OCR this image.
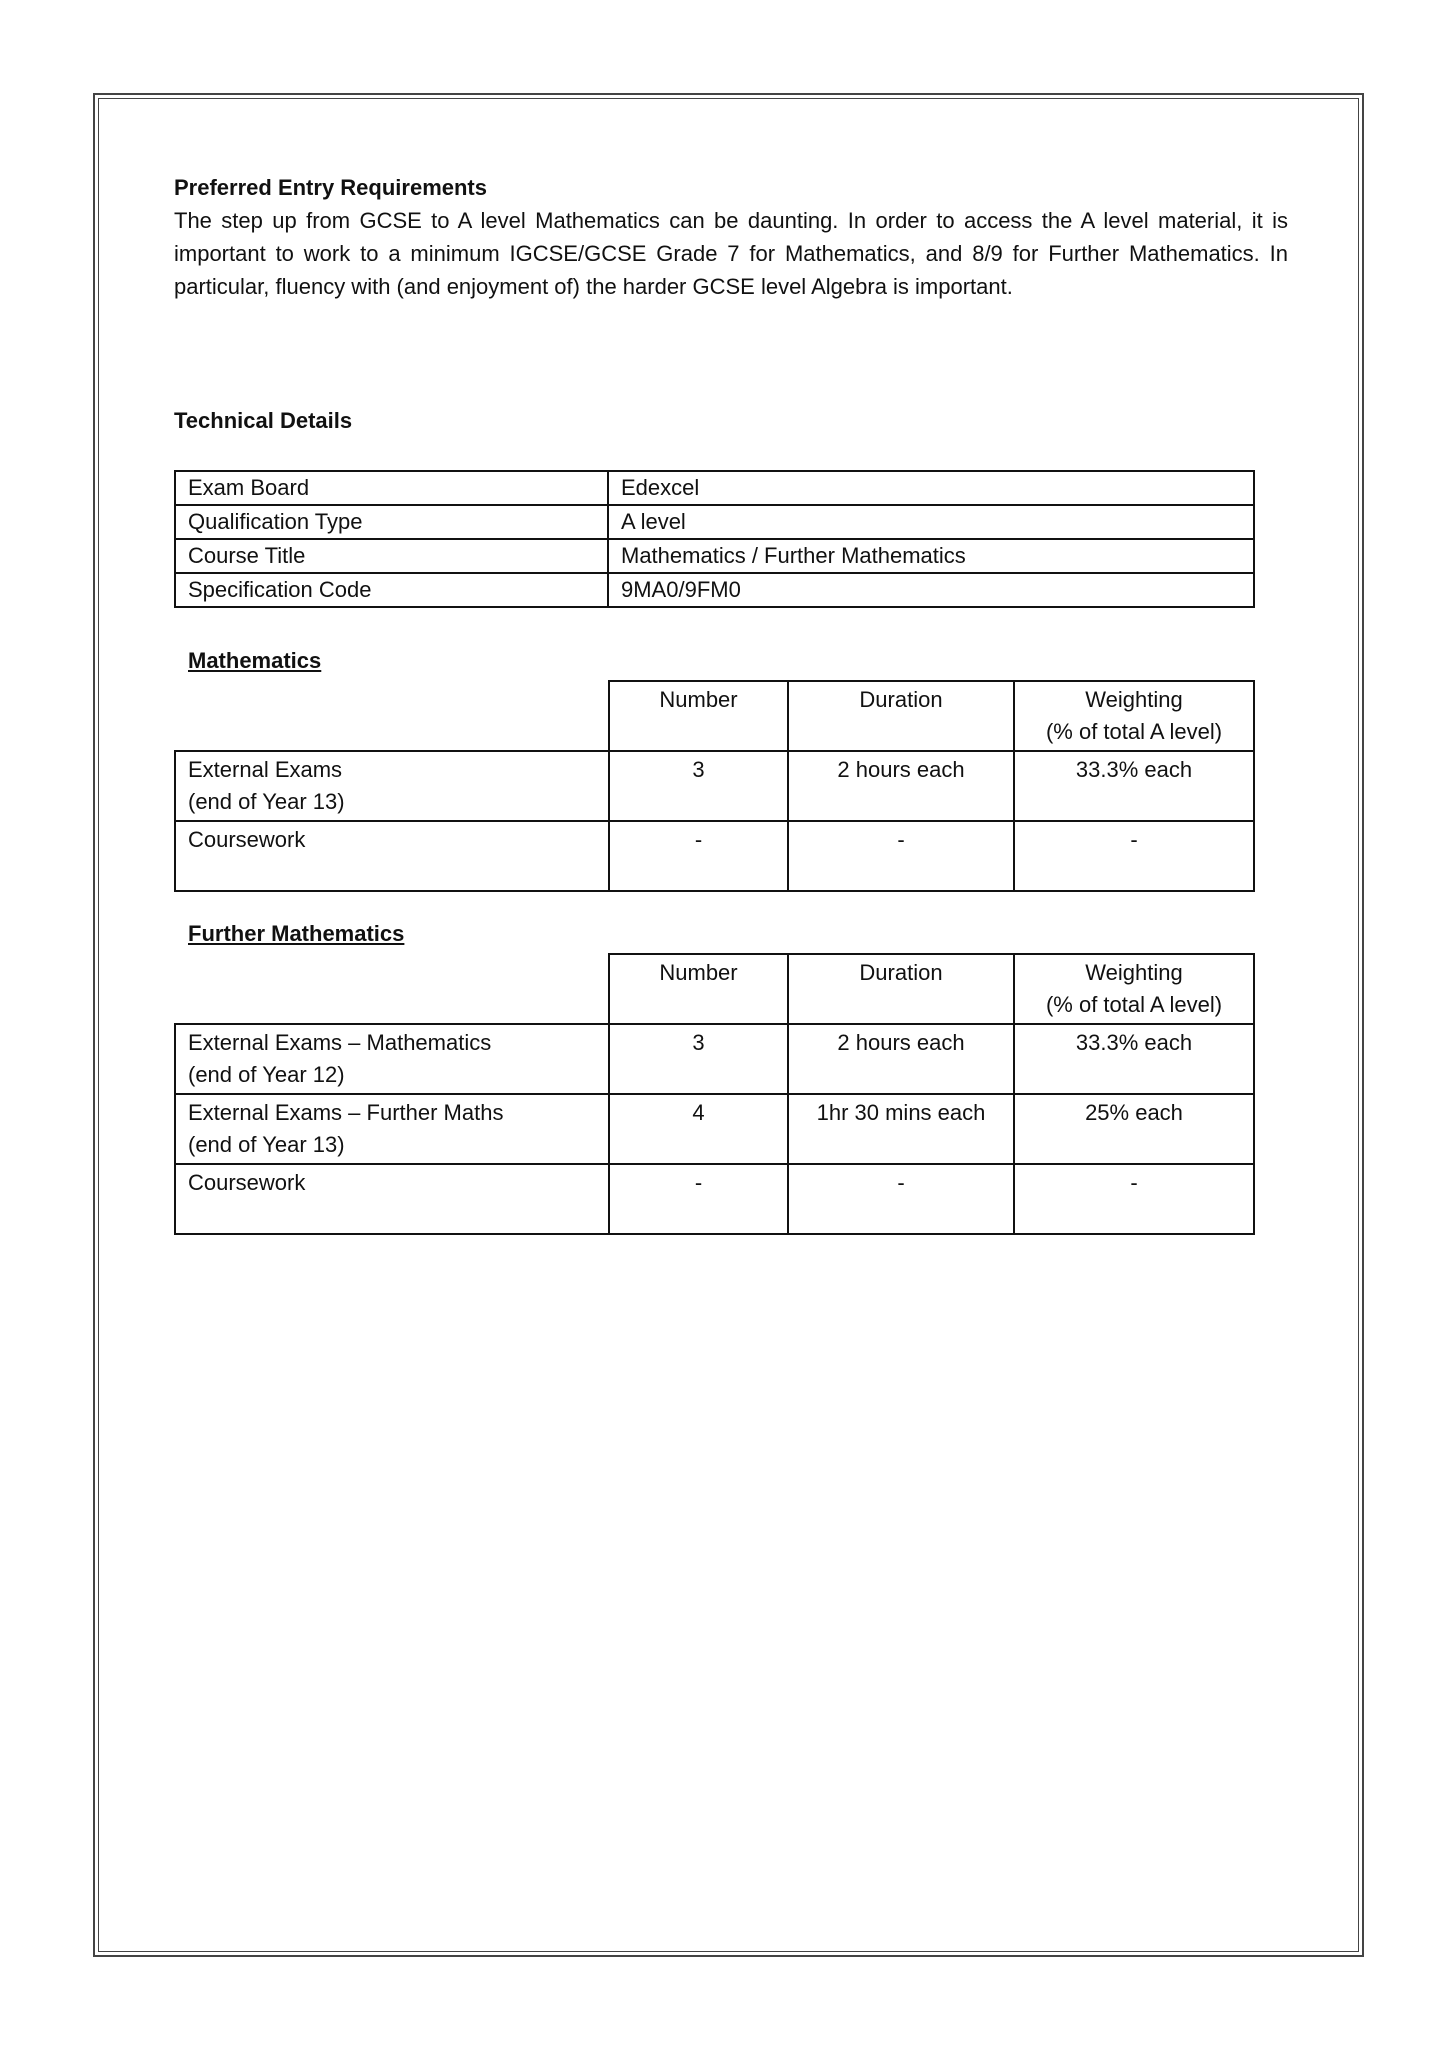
Preferred Entry Requirements

The step up from GCSE to A level Mathematics can be daunting. In order to access the A level material, it is important to work to a minimum IGCSE/GCSE Grade 7 for Mathematics, and 8/9 for Further Mathematics. In particular, fluency with (and enjoyment of) the harder GCSE level Algebra is important.

Technical Details
Exam Board	Edexcel
Qualification Type	A level
Course Title	Mathematics / Further Mathematics
Specification Code	9MA0/9FM0
Mathematics
	Number	Duration	Weighting
(% of total A level)

External Exams
(end of Year 13)	3	2 hours each	33.3% each

Coursework	-	-	-
Further Mathematics
	Number	Duration	Weighting
(% of total A level)

External Exams – Mathematics
(end of Year 12)	3	2 hours each	33.3% each

External Exams – Further Maths
(end of Year 13)	4	1hr 30 mins each	25% each

Coursework	-	-	-
